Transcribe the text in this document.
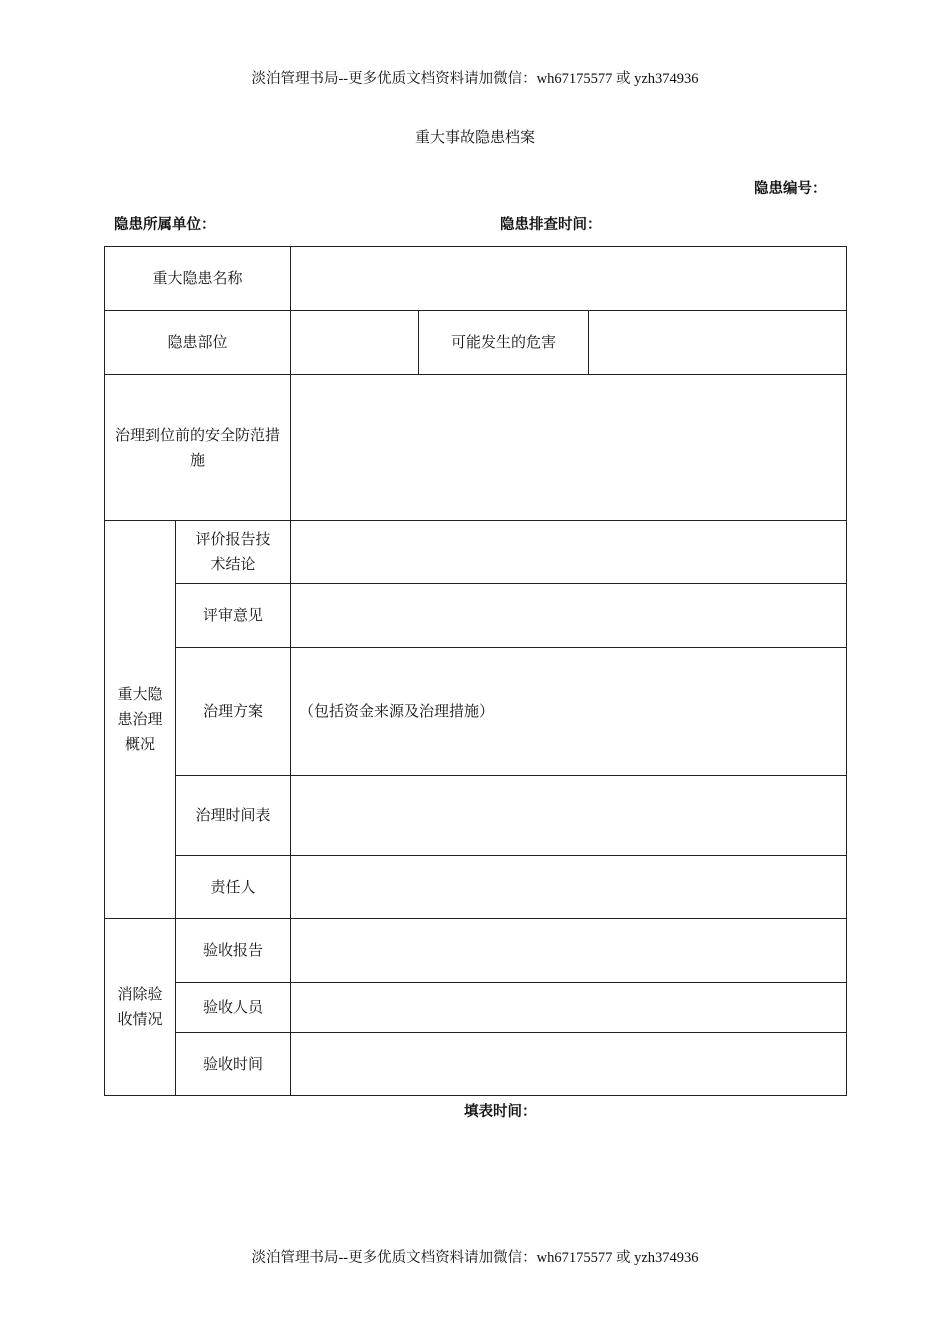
淡泊管理书局--更多优质文档资料请加微信：wh67175577 或 yzh374936
重大事故隐患档案
隐患编号：
隐患所属单位：	隐患排查时间：
重大隐患名称				
隐患部位			可能发生的危害	
治理到位前的安全防范措施				
重大隐患治理概况	评价报告技术结论			
	评审意见			
	治理方案	（包括资金来源及治理措施）		
	治理时间表			
	责任人			
消除验收情况	验收报告			
	验收人员			
	验收时间			
填表时间：
淡泊管理书局--更多优质文档资料请加微信：wh67175577 或 yzh374936
